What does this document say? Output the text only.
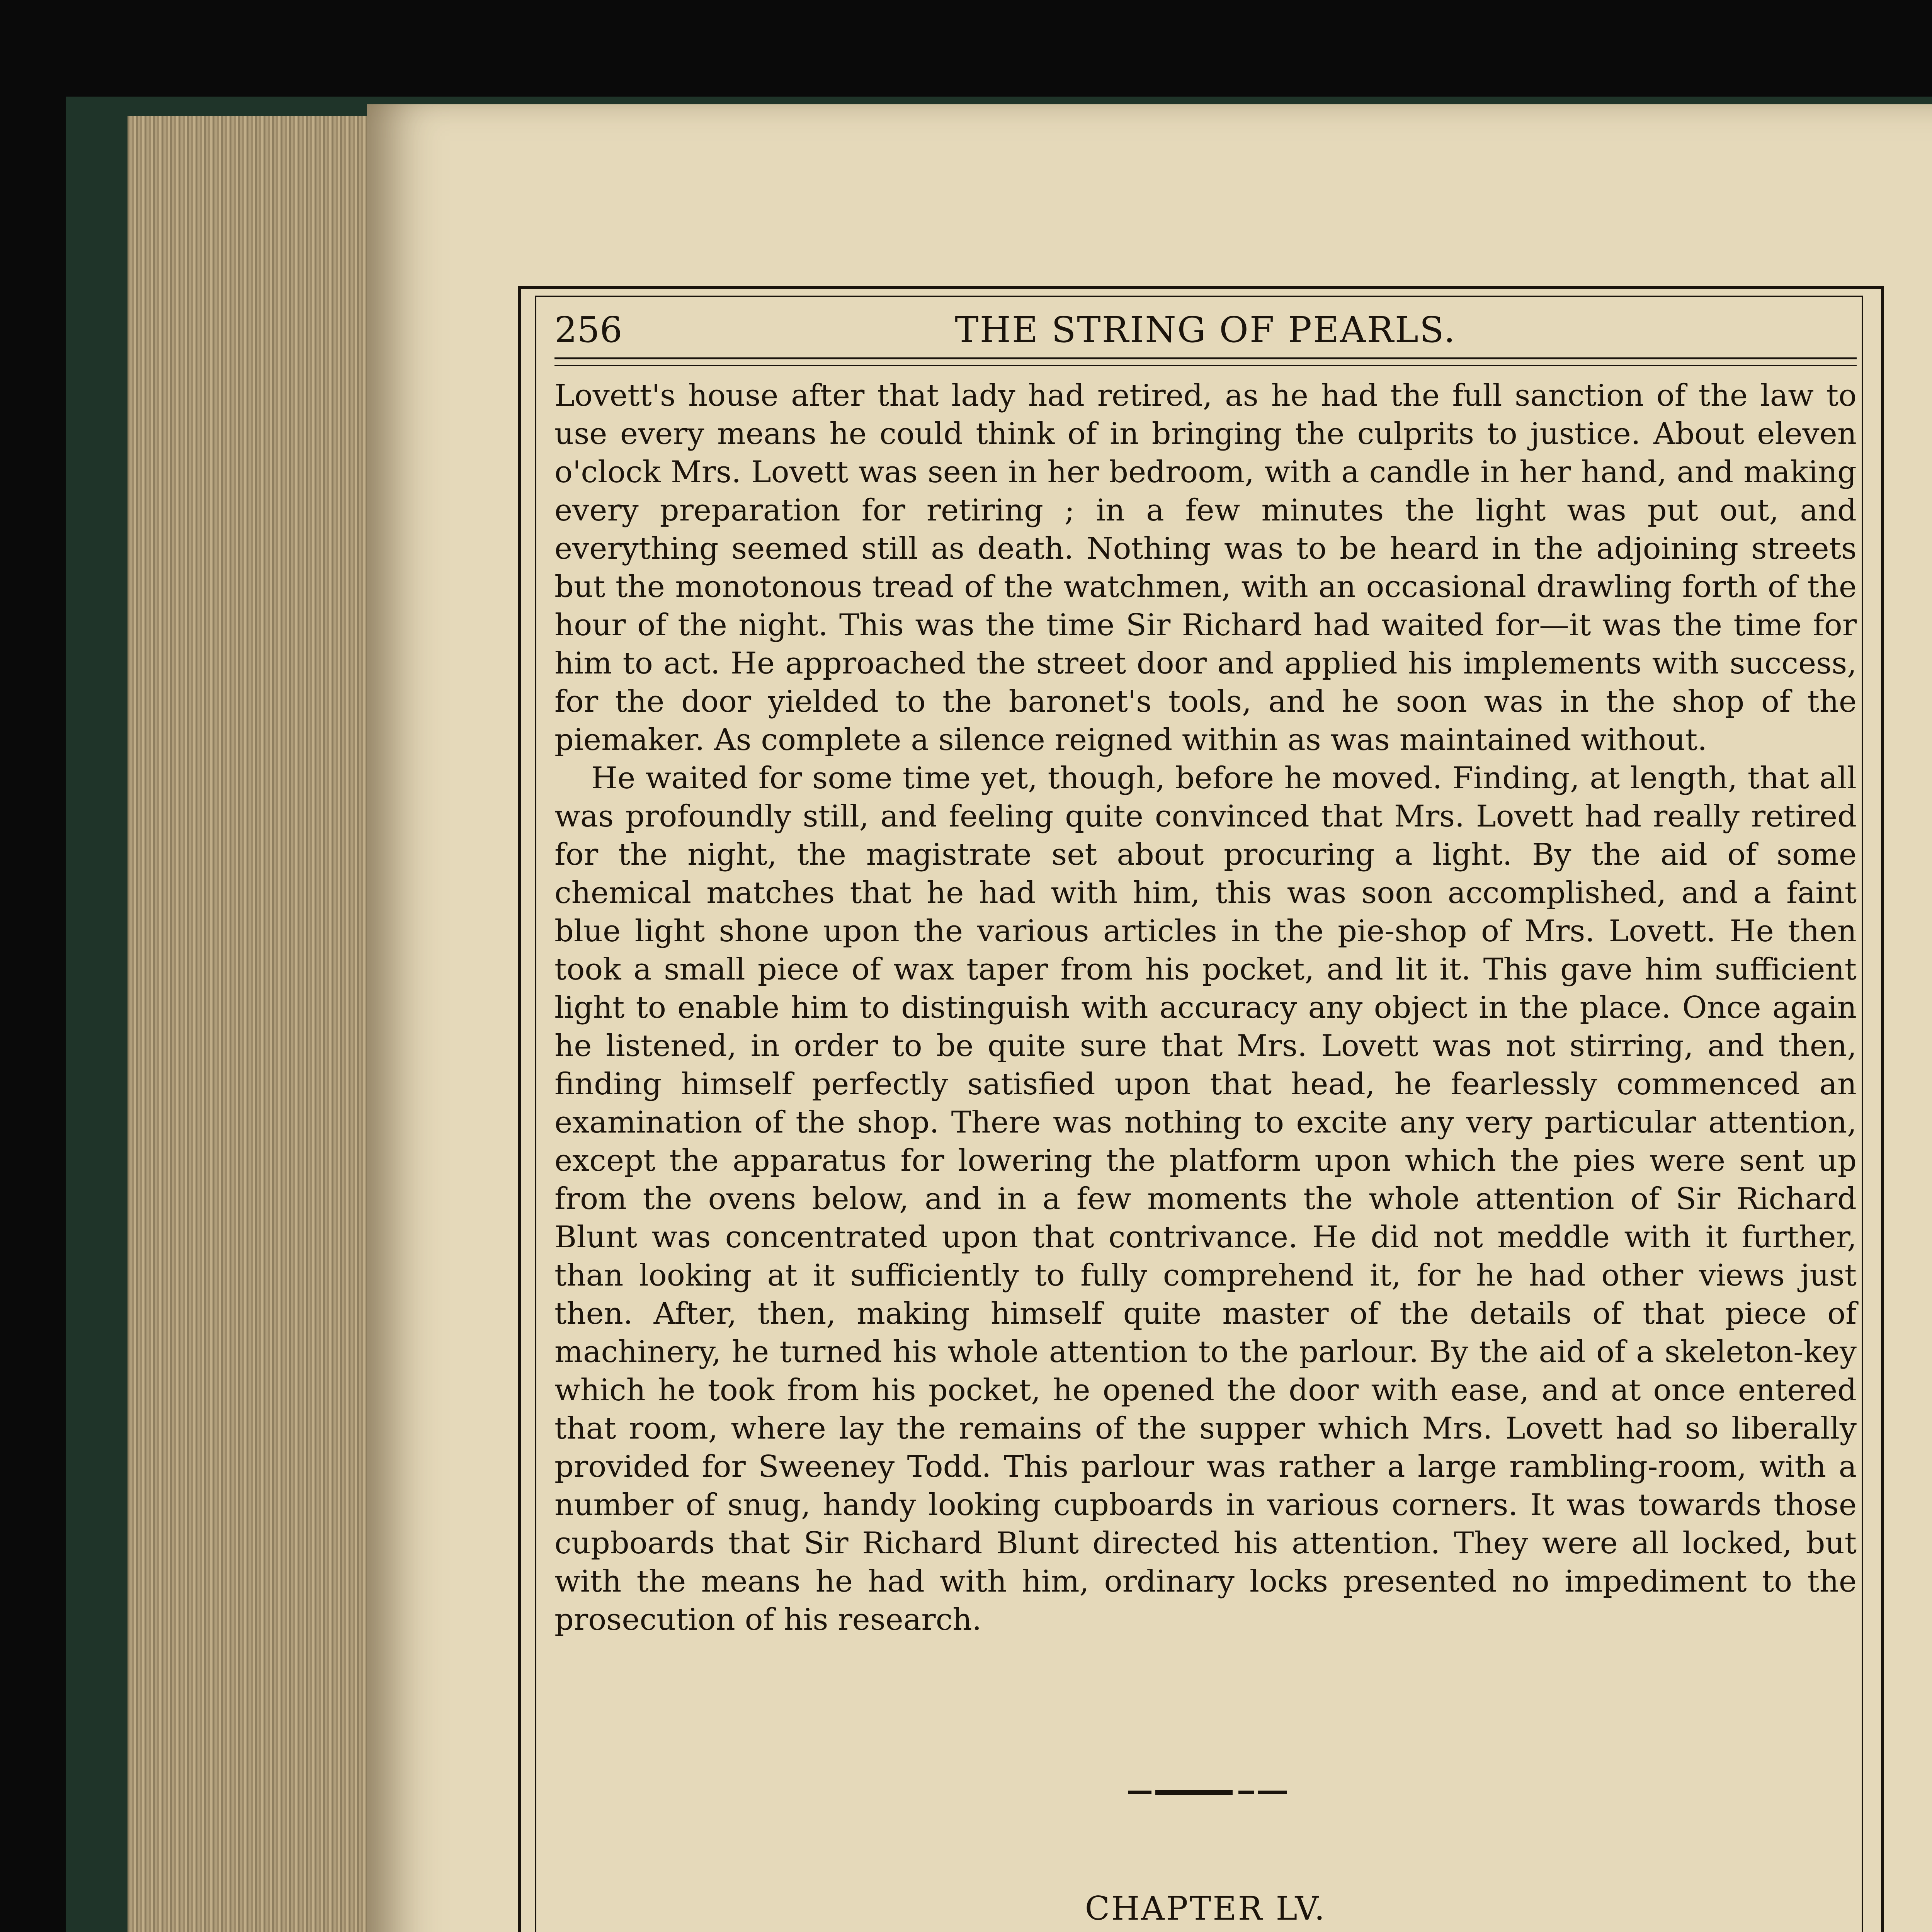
256	THE STRING OF PEARLS.

Lovett's house after that lady had retired, as he had the full sanction of the law to use every means he could think of in bringing the culprits to justice. About eleven o'clock Mrs. Lovett was seen in her bedroom, with a candle in her hand, and making every preparation for retiring ; in a few minutes the light was put out, and everything seemed still as death. Nothing was to be heard in the adjoining streets but the monotonous tread of the watchmen, with an occasional drawling forth of the hour of the night. This was the time Sir Richard had waited for—it was the time for him to act. He approached the street door and applied his implements with success, for the door yielded to the baronet's tools, and he soon was in the shop of the piemaker. As complete a silence reigned within as was maintained without.

He waited for some time yet, though, before he moved. Finding, at length, that all was profoundly still, and feeling quite convinced that Mrs. Lovett had really retired for the night, the magistrate set about procuring a light. By the aid of some chemical matches that he had with him, this was soon accomplished, and a faint blue light shone upon the various articles in the pie-shop of Mrs. Lovett. He then took a small piece of wax taper from his pocket, and lit it. This gave him sufficient light to enable him to distinguish with accuracy any object in the place. Once again he listened, in order to be quite sure that Mrs. Lovett was not stirring, and then, finding himself perfectly satisfied upon that head, he fearlessly commenced an examination of the shop. There was nothing to excite any very particular attention, except the apparatus for lowering the platform upon which the pies were sent up from the ovens below, and in a few moments the whole attention of Sir Richard Blunt was concentrated upon that contrivance. He did not meddle with it further, than looking at it sufficiently to fully comprehend it, for he had other views just then. After, then, making himself quite master of the details of that piece of machinery, he turned his whole attention to the parlour. By the aid of a skeleton-key which he took from his pocket, he opened the door with ease, and at once entered that room, where lay the remains of the supper which Mrs. Lovett had so liberally provided for Sweeney Todd. This parlour was rather a large rambling-room, with a number of snug, handy looking cupboards in various corners. It was towards those cupboards that Sir Richard Blunt directed his attention. They were all locked, but with the means he had with him, ordinary locks presented no impediment to the prosecution of his research.

CHAPTER LV.
